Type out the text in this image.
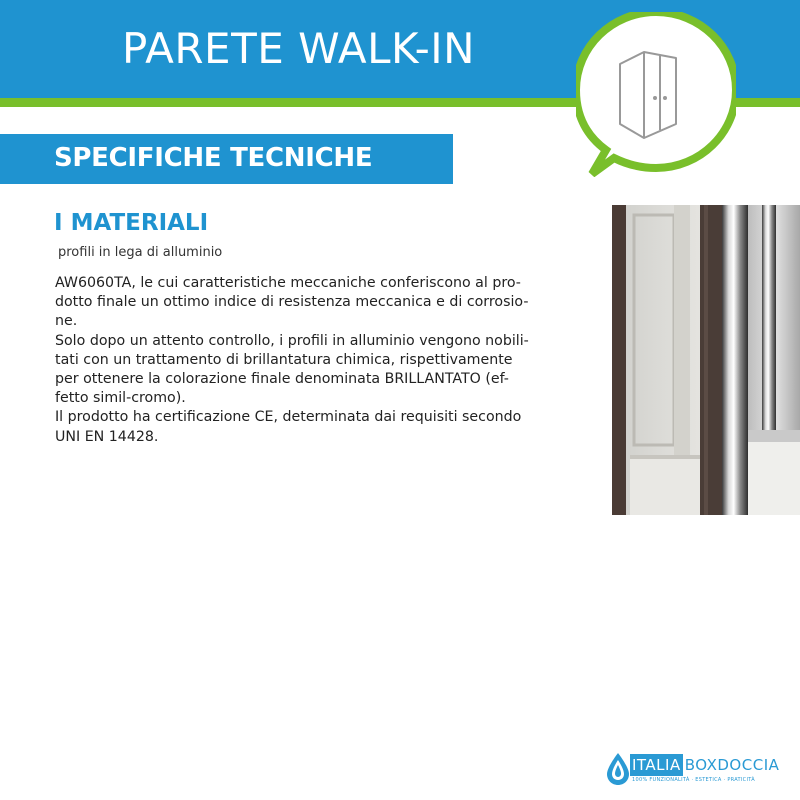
PARETE WALK-IN
SPECIFICHE TECNICHE
I MATERIALI

profili in lega di alluminio

AW6060TA, le cui caratteristiche meccaniche conferiscono al pro-
dotto finale un ottimo indice di resistenza meccanica e di corrosio-
ne.
Solo dopo un attento controllo, i profili in alluminio vengono nobili-
tati con un trattamento di brillantatura chimica, rispettivamente
per ottenere la colorazione finale denominata BRILLANTATO (ef-
fetto simil-cromo).
Il prodotto ha certificazione CE, determinata dai requisiti secondo
UNI EN 14428.
ITALIA BOXDOCCIA
100% FUNZIONALITÀ · ESTETICA · PRATICITÀ
